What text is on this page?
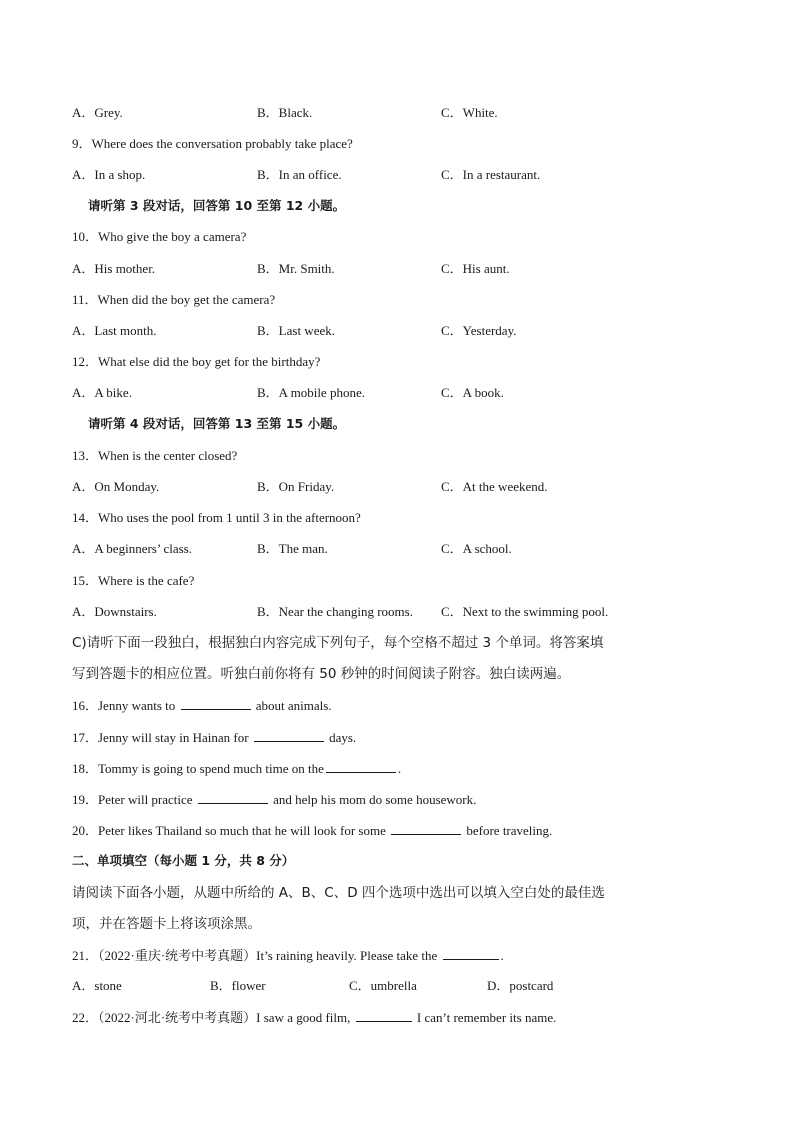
A．Grey.	B．Black.	C．White.
9．Where does the conversation probably take place?
A．In a shop.	B．In an office.	C．In a restaurant.
请听第 3 段对话，回答第 10 至第 12 小题。
10．Who give the boy a camera?
A．His mother.	B．Mr. Smith.	C．His aunt.
11．When did the boy get the camera?
A．Last month.	B．Last week.	C．Yesterday.
12．What else did the boy get for the birthday?
A．A bike.	B．A mobile phone.	C．A book.
请听第 4 段对话，回答第 13 至第 15 小题。
13．When is the center closed?
A．On Monday.	B．On Friday.	C．At the weekend.
14．Who uses the pool from 1 until 3 in the afternoon?
A．A beginners’ class.	B．The man.	C．A school.
15．Where is the cafe?
A．Downstairs.	B．Near the changing rooms. C．Next to the swimming pool.
C)请听下面一段独白，根据独白内容完成下列句子，每个空格不超过 3 个单词。将答案填
写到答题卡的相应位置。听独白前你将有 50 秒钟的时间阅读子附容。独白读两遍。
16．Jenny wants to	about animals.
17．Jenny will stay in Hainan for	days.
18．Tommy is going to spend much time on the	.
19．Peter will practice	and help his mom do some housework.
20．Peter likes Thailand so much that he will look for some	before traveling.
二、单项填空（每小题 1 分，共 8 分）
请阅读下面各小题，从题中所给的 A、B、C、D 四个选项中选出可以填入空白处的最佳选
项，并在答题卡上将该项涂黑。
21．（2022·重庆·统考中考真题）It’s raining heavily. Please take the	.
A．stone	B．flower	C．umbrella	D．postcard
22．（2022·河北·统考中考真题）I saw a good film,	I can’t remember its name.
